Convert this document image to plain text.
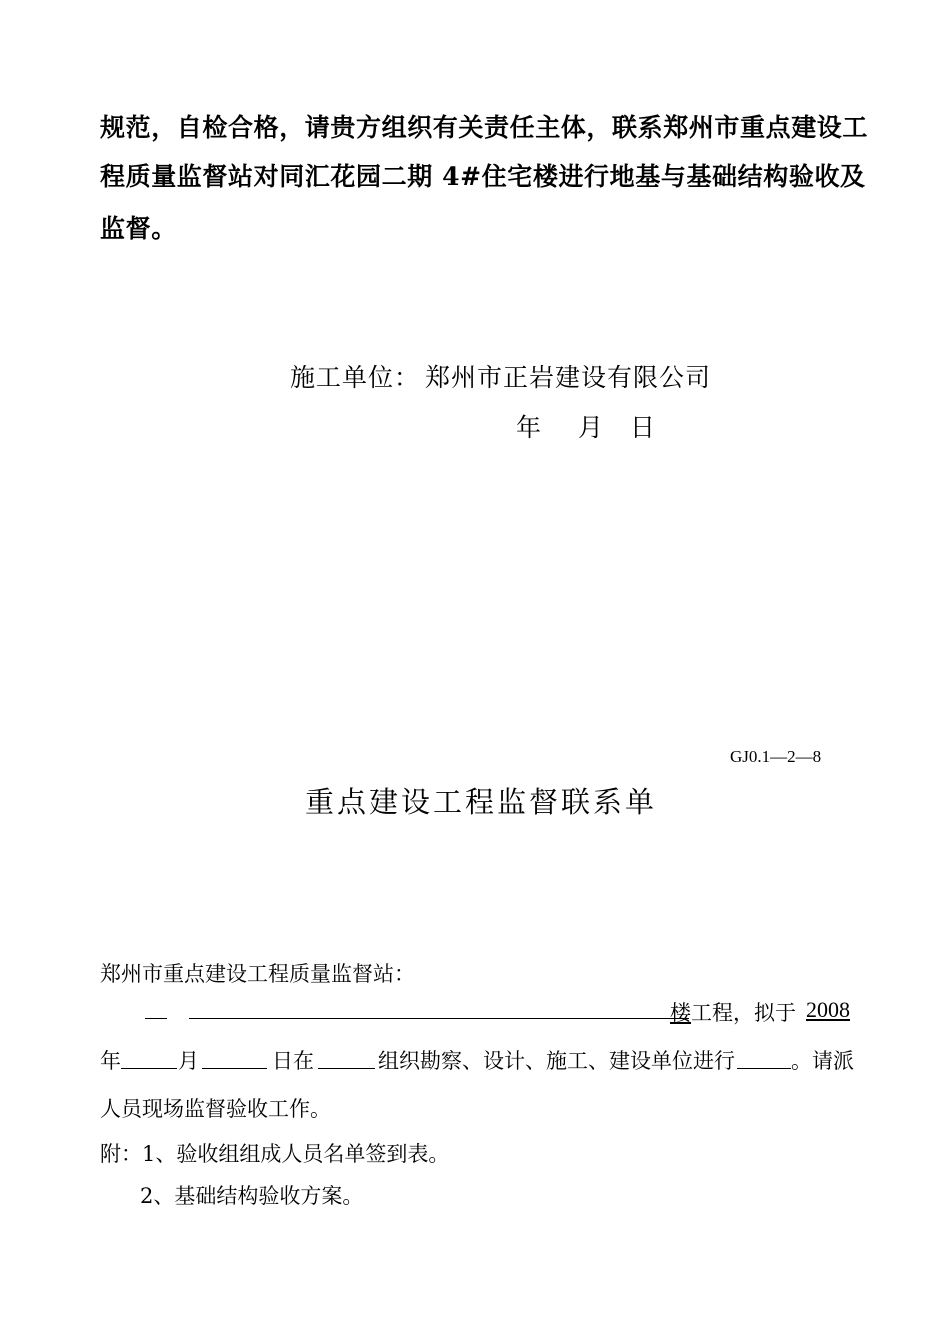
规范，自检合格，请贵方组织有关责任主体，联系郑州市重点建设工
程质量监督站对同汇花园二期 4#住宅楼进行地基与基础结构验收及
监督。
施工单位： 郑州市正岩建设有限公司
年 月 日
GJ0.1—2—8
重点建设工程监督联系单
郑州市重点建设工程质量监督站：
楼工程，拟于 2008
年	月	日在	组织勘察、设计、施工、建设单位进行	。请派
人员现场监督验收工作。
附：1、验收组组成人员名单签到表。
2、基础结构验收方案。
